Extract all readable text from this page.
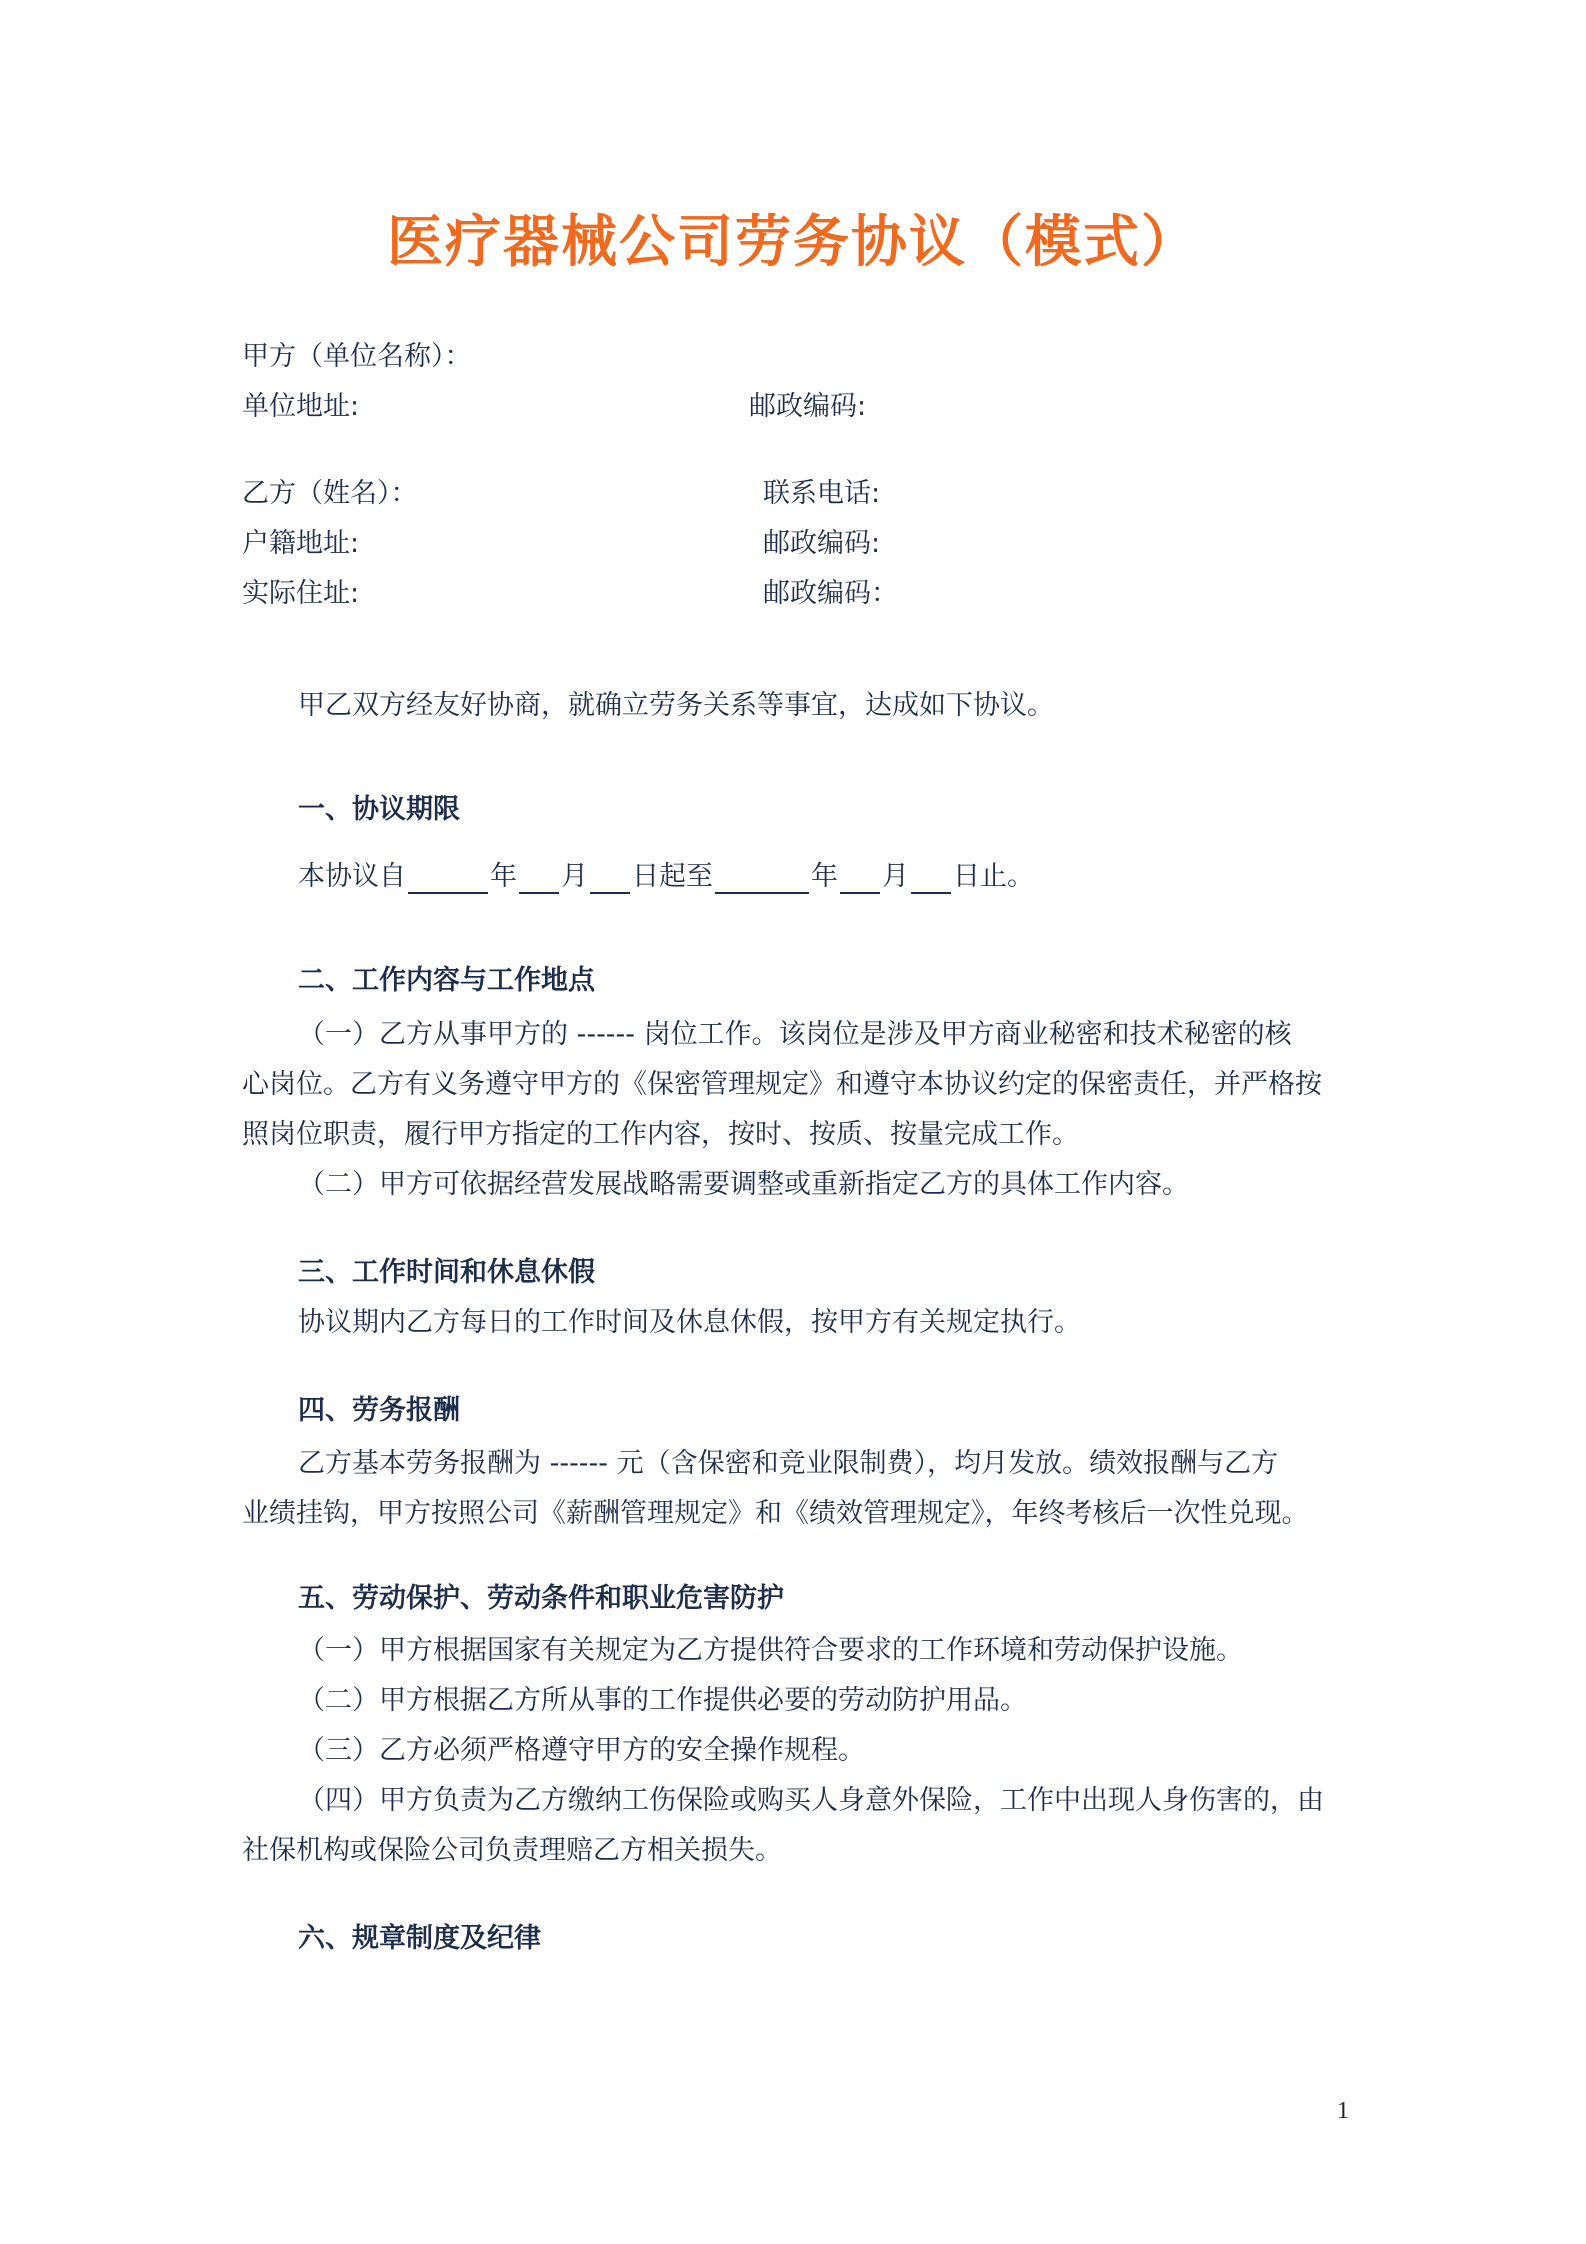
医疗器械公司劳务协议（模式）
甲方（单位名称）：
单位地址:	邮政编码:
乙方（姓名）：	联系电话:
户籍地址:	邮政编码:
实际住址:	邮政编码：
甲乙双方经友好协商，就确立劳务关系等事宜，达成如下协议。
一、协议期限
本协议自	年 月 日起至	年 月 日止。
二、工作内容与工作地点
（一）乙方从事甲方的 ------ 岗位工作。该岗位是涉及甲方商业秘密和技术秘密的核
心岗位。乙方有义务遵守甲方的《保密管理规定》和遵守本协议约定的保密责任，并严格按
照岗位职责，履行甲方指定的工作内容，按时、按质、按量完成工作。
（二）甲方可依据经营发展战略需要调整或重新指定乙方的具体工作内容。
三、工作时间和休息休假
协议期内乙方每日的工作时间及休息休假，按甲方有关规定执行。
四、劳务报酬
乙方基本劳务报酬为 ------ 元（含保密和竞业限制费），均月发放。绩效报酬与乙方
业绩挂钩，甲方按照公司《薪酬管理规定》和《绩效管理规定》，年终考核后一次性兑现。
五、劳动保护、劳动条件和职业危害防护
（一）甲方根据国家有关规定为乙方提供符合要求的工作环境和劳动保护设施。
（二）甲方根据乙方所从事的工作提供必要的劳动防护用品。
（三）乙方必须严格遵守甲方的安全操作规程。
（四）甲方负责为乙方缴纳工伤保险或购买人身意外保险，工作中出现人身伤害的，由
社保机构或保险公司负责理赔乙方相关损失。
六、规章制度及纪律
1
